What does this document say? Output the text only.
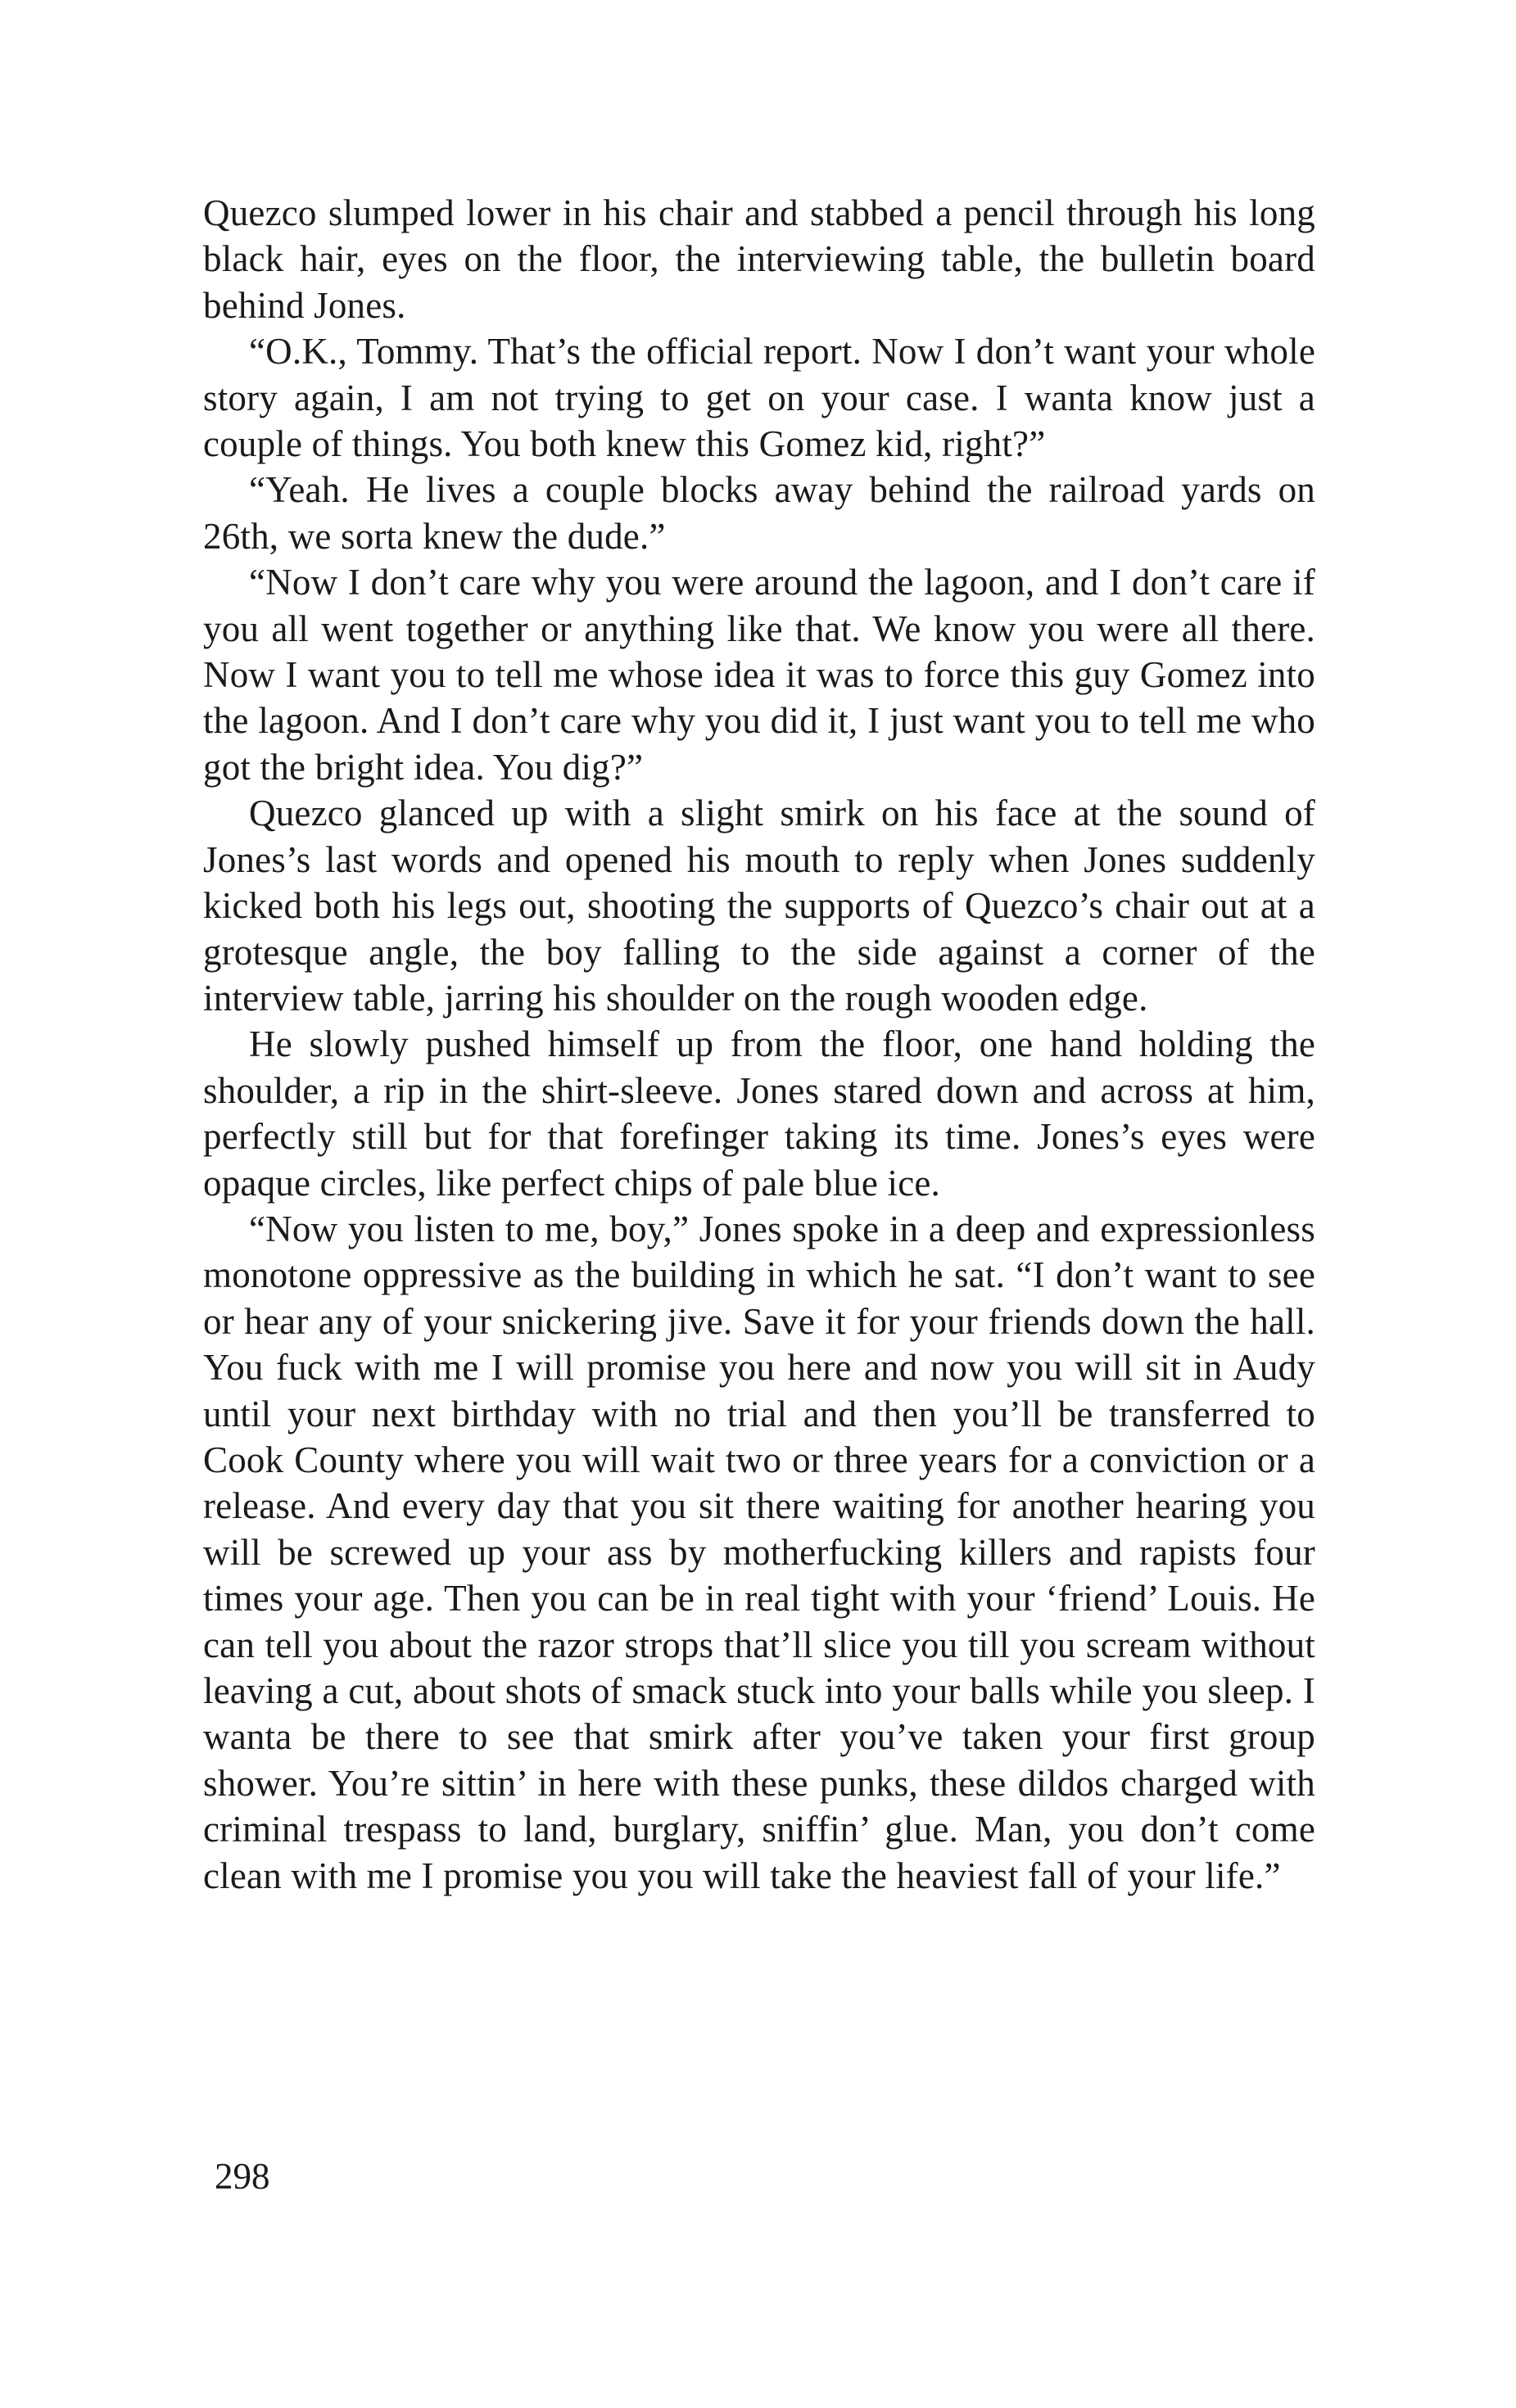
Quezco slumped lower in his chair and stabbed a pencil through his long black hair, eyes on the floor, the interviewing table, the bulletin board behind Jones.

“O.K., Tommy. That’s the official report. Now I don’t want your whole story again, I am not trying to get on your case. I wanta know just a couple of things. You both knew this Gomez kid, right?”

“Yeah. He lives a couple blocks away behind the railroad yards on 26th, we sorta knew the dude.”

“Now I don’t care why you were around the lagoon, and I don’t care if you all went together or anything like that. We know you were all there. Now I want you to tell me whose idea it was to force this guy Gomez into the lagoon. And I don’t care why you did it, I just want you to tell me who got the bright idea. You dig?”

Quezco glanced up with a slight smirk on his face at the sound of Jones’s last words and opened his mouth to reply when Jones suddenly kicked both his legs out, shooting the supports of Quezco’s chair out at a grotesque angle, the boy falling to the side against a corner of the interview table, jarring his shoulder on the rough wooden edge.

He slowly pushed himself up from the floor, one hand holding the shoulder, a rip in the shirt-sleeve. Jones stared down and across at him, perfectly still but for that forefinger taking its time. Jones’s eyes were opaque circles, like perfect chips of pale blue ice.

“Now you listen to me, boy,” Jones spoke in a deep and expressionless monotone oppressive as the building in which he sat. “I don’t want to see or hear any of your snickering jive. Save it for your friends down the hall. You fuck with me I will promise you here and now you will sit in Audy until your next birthday with no trial and then you’ll be transferred to Cook County where you will wait two or three years for a conviction or a release. And every day that you sit there waiting for another hearing you will be screwed up your ass by motherfucking killers and rapists four times your age. Then you can be in real tight with your ‘friend’ Louis. He can tell you about the razor strops that’ll slice you till you scream without leaving a cut, about shots of smack stuck into your balls while you sleep. I wanta be there to see that smirk after you’ve taken your first group shower. You’re sittin’ in here with these punks, these dildos charged with criminal trespass to land, burglary, sniffin’ glue. Man, you don’t come clean with me I promise you you will take the heaviest fall of your life.”

298
